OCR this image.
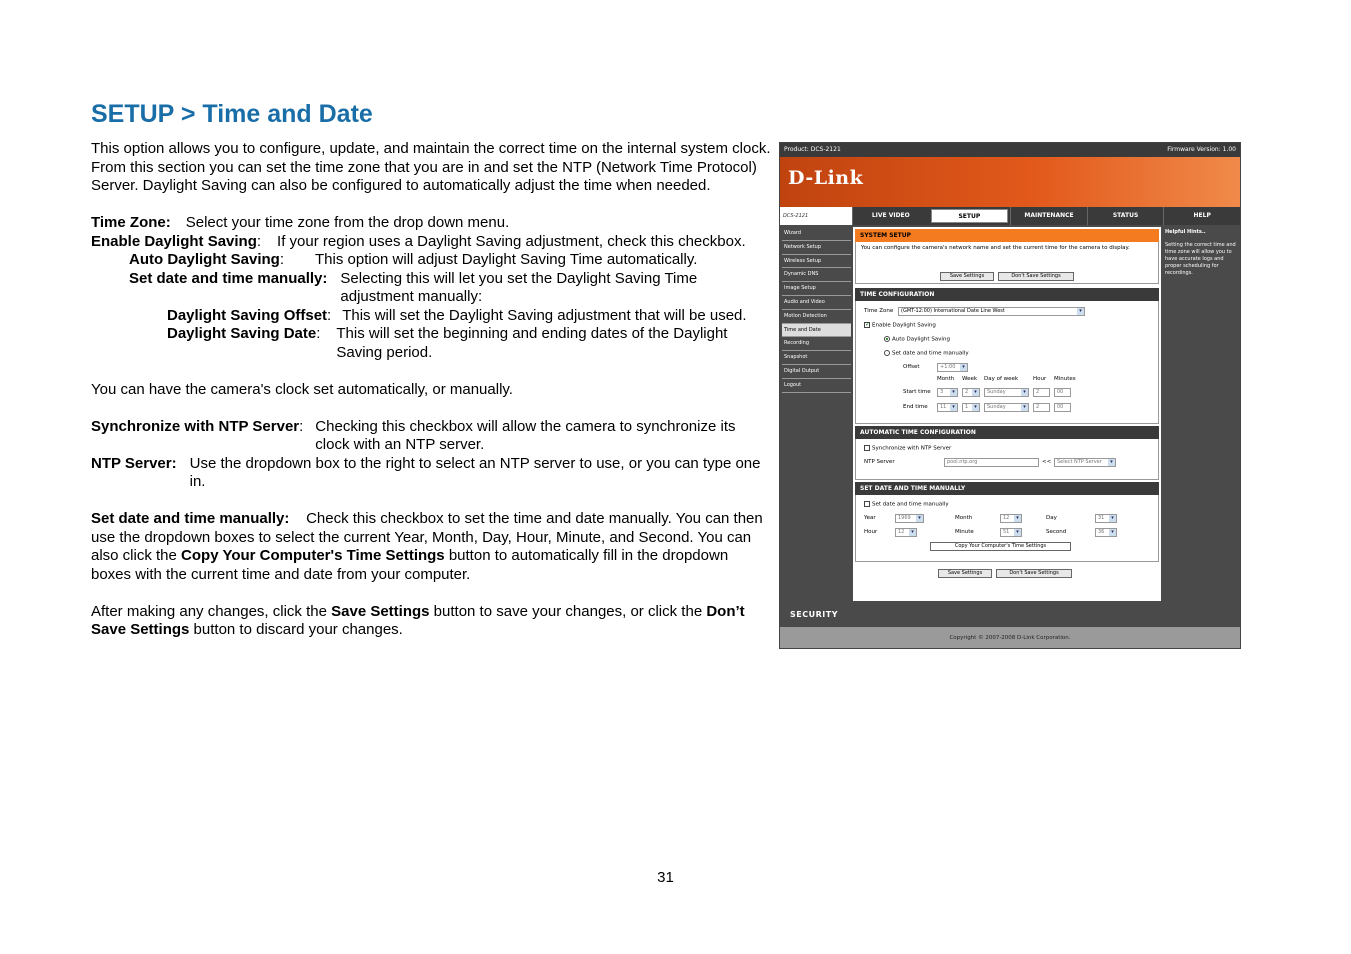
SETUP > Time and Date

This option allows you to configure, update, and maintain the correct time on the internal system clock. From this section you can set the time zone that you are in and set the NTP (Network Time Protocol) Server. Daylight Saving can also be configured to automatically adjust the time when needed.

Time Zone: Select your time zone from the drop down menu.
Enable Daylight Saving: If your region uses a Daylight Saving adjustment, check this checkbox.
Auto Daylight Saving: This option will adjust Daylight Saving Time automatically.
Set date and time manually: Selecting this will let you set the Daylight Saving Time adjustment manually:
Daylight Saving Offset: This will set the Daylight Saving adjustment that will be used.
Daylight Saving Date: This will set the beginning and ending dates of the Daylight Saving period.

You can have the camera's clock set automatically, or manually.

Synchronize with NTP Server: Checking this checkbox will allow the camera to synchronize its clock with an NTP server.
NTP Server: Use the dropdown box to the right to select an NTP server to use, or you can type one in.

Set date and time manually: Check this checkbox to set the time and date manually. You can then use the dropdown boxes to select the current Year, Month, Day, Hour, Minute, and Second. You can also click the Copy Your Computer's Time Settings button to automatically fill in the dropdown boxes with the current time and date from your computer.

After making any changes, click the Save Settings button to save your changes, or click the Don’t Save Settings button to discard your changes.

31
Product: DCS-2121	Firmware Version: 1.00
D-Link
DCS-2121	LIVE VIDEO	SETUP	MAINTENANCE	STATUS	HELP
Wizard
Network Setup
Wireless Setup
Dynamic DNS
Image Setup
Audio and Video
Motion Detection
Time and Date
Recording
Snapshot
Digital Output
Logout
SYSTEM SETUP
You can configure the camera's network name and set the current time for the camera to display.
Save Settings	Don't Save Settings
TIME CONFIGURATION
Time Zone	(GMT-12:00) International Date Line West ▾
✓Enable Daylight Saving
Auto Daylight Saving
Set date and time manually
Offset	+1:00 ▾
Month Week Day of week	Hour Minutes
Start time	3 ▾	2 ▾	Sunday ▾	2	00
End time	11 ▾	1 ▾	Sunday ▾	2	00
AUTOMATIC TIME CONFIGURATION
Synchronize with NTP Server
NTP Server	pool.ntp.org	<<	Select NTP Server ▾
SET DATE AND TIME MANUALLY
Set date and time manually
Year	1969 ▾	Month	12 ▾	Day	31 ▾
Hour	12 ▾	Minute	51 ▾	Second	36 ▾
Copy Your Computer's Time Settings
Save Settings	Don't Save Settings
Helpful Hints..
Setting the correct time and time zone will allow you to have accurate logs and proper scheduling for recordings.
SECURITY
Copyright © 2007-2008 D-Link Corporation.
